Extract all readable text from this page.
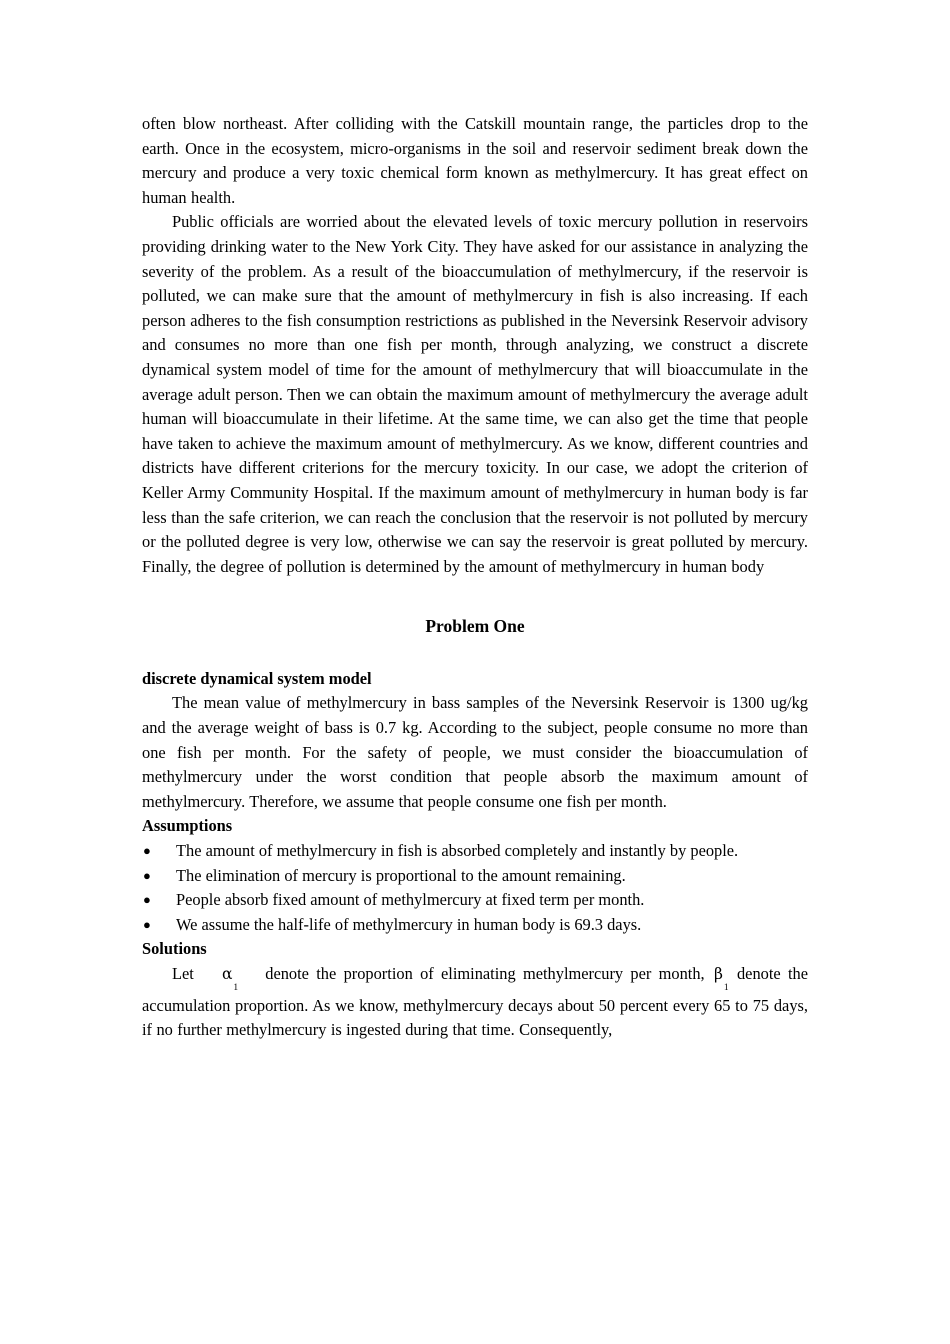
often blow northeast. After colliding with the Catskill mountain range, the particles drop to the earth. Once in the ecosystem, micro-organisms in the soil and reservoir sediment break down the mercury and produce a very toxic chemical form known as methylmercury. It has great effect on human health.

Public officials are worried about the elevated levels of toxic mercury pollution in reservoirs providing drinking water to the New York City. They have asked for our assistance in analyzing the severity of the problem. As a result of the bioaccumulation of methylmercury, if the reservoir is polluted, we can make sure that the amount of methylmercury in fish is also increasing. If each person adheres to the fish consumption restrictions as published in the Neversink Reservoir advisory and consumes no more than one fish per month, through analyzing, we construct a discrete dynamical system model of time for the amount of methylmercury that will bioaccumulate in the average adult person. Then we can obtain the maximum amount of methylmercury the average adult human will bioaccumulate in their lifetime. At the same time, we can also get the time that people have taken to achieve the maximum amount of methylmercury. As we know, different countries and districts have different criterions for the mercury toxicity. In our case, we adopt the criterion of Keller Army Community Hospital. If the maximum amount of methylmercury in human body is far less than the safe criterion, we can reach the conclusion that the reservoir is not polluted by mercury or the polluted degree is very low, otherwise we can say the reservoir is great polluted by mercury. Finally, the degree of pollution is determined by the amount of methylmercury in human body

Problem One
discrete dynamical system model

The mean value of methylmercury in bass samples of the Neversink Reservoir is 1300 ug/kg and the average weight of bass is 0.7 kg. According to the subject, people consume no more than one fish per month. For the safety of people, we must consider the bioaccumulation of methylmercury under the worst condition that people absorb the maximum amount of methylmercury. Therefore, we assume that people consume one fish per month.

Assumptions
● The amount of methylmercury in fish is absorbed completely and instantly by people.
● The elimination of mercury is proportional to the amount remaining.
● People absorb fixed amount of methylmercury at fixed term per month.
● We assume the half-life of methylmercury in human body is 69.3 days.
Solutions

Let $\alpha_1$  denote the proportion of eliminating methylmercury per month, $\beta_1$ denote the accumulation proportion. As we know, methylmercury decays about 50 percent every 65 to 75 days, if no further methylmercury is ingested during that time. Consequently,
